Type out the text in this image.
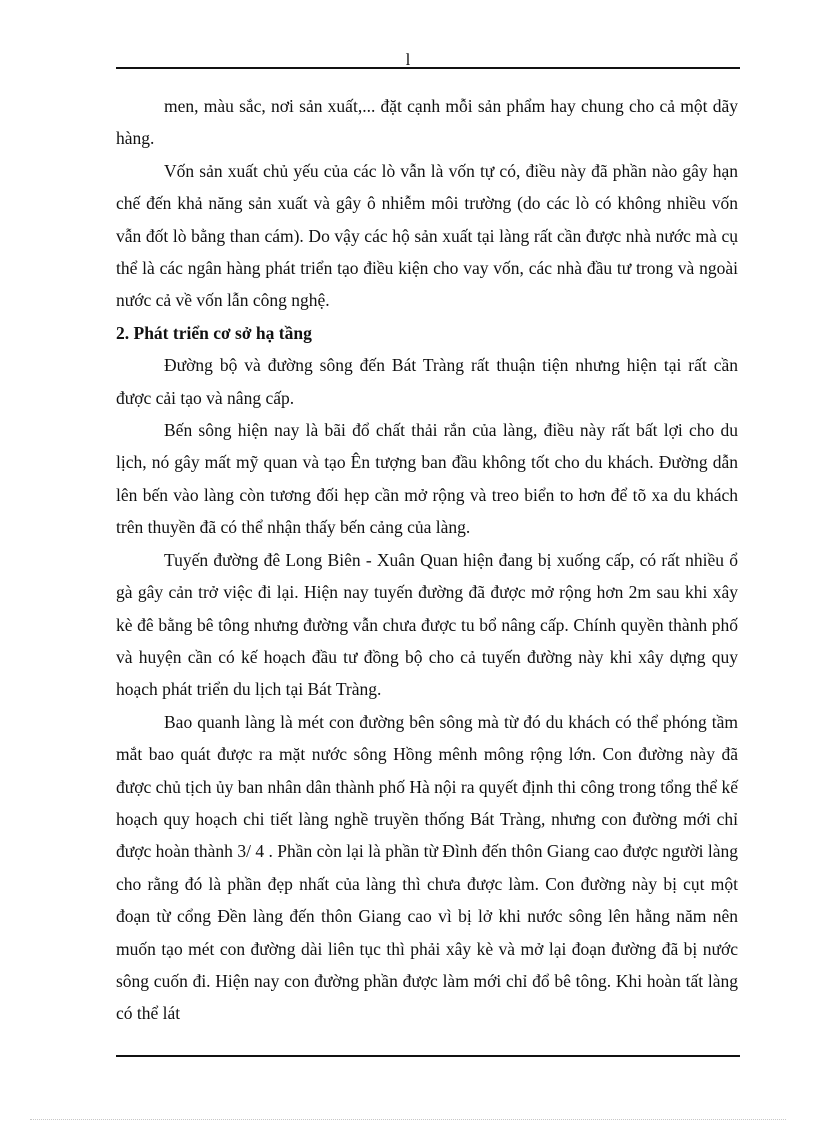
l

men, màu sắc, nơi sản xuất,... đặt cạnh mỗi sản phẩm hay chung cho cả một dãy hàng.

Vốn sản xuất chủ yếu của các lò vẫn là vốn tự có, điều này đã phần nào gây hạn chế đến khả năng sản xuất và gây ô nhiễm môi trường (do các lò có không nhiều vốn vẫn đốt lò bằng than cám). Do vậy các hộ sản xuất tại làng rất cần được nhà nước mà cụ thể là các ngân hàng phát triển tạo điều kiện cho vay vốn, các nhà đầu tư trong và ngoài nước cả về vốn lẫn công nghệ.

2. Phát triển cơ sở hạ tầng

Đường bộ và đường sông đến Bát Tràng rất thuận tiện nhưng hiện tại rất cần được cải tạo và nâng cấp.

Bến sông hiện nay là bãi đổ chất thải rắn của làng, điều này rất bất lợi cho du lịch, nó gây mất mỹ quan và tạo Ên tượng ban đầu không tốt cho du khách. Đường dẫn lên bến vào làng còn tương đối hẹp cần mở rộng và treo biển to hơn để tõ xa du khách trên thuyền đã có thể nhận thấy bến cảng của làng.

Tuyến đường đê Long Biên - Xuân Quan hiện đang bị xuống cấp, có rất nhiều ổ gà gây cản trở việc đi lại. Hiện nay tuyến đường đã được mở rộng hơn 2m sau khi xây kè đê bằng bê tông nhưng đường vẫn chưa được tu bổ nâng cấp. Chính quyền thành phố và huyện cần có kế hoạch đầu tư đồng bộ cho cả tuyến đường này khi xây dựng quy hoạch phát triển du lịch tại Bát Tràng.

Bao quanh làng là mét con đường bên sông mà từ đó du khách có thể phóng tầm mắt bao quát được ra mặt nước sông Hồng mênh mông rộng lớn. Con đường này đã được chủ tịch ủy ban nhân dân thành phố Hà nội ra quyết định thi công trong tổng thể kế hoạch quy hoạch chi tiết làng nghề truyền thống Bát Tràng, nhưng con đường mới chỉ được hoàn thành 3/ 4 . Phần còn lại là phần từ Đình đến thôn Giang cao được người làng cho rằng đó là phần đẹp nhất của làng thì chưa được làm. Con đường này bị cụt một đoạn từ cổng Đền làng đến thôn Giang cao vì bị lở khi nước sông lên hằng năm nên muốn tạo mét con đường dài liên tục thì phải xây kè và mở lại đoạn đường đã bị nước sông cuốn đi. Hiện nay con đường phần được làm mới chỉ đổ bê tông. Khi hoàn tất làng có thể lát
